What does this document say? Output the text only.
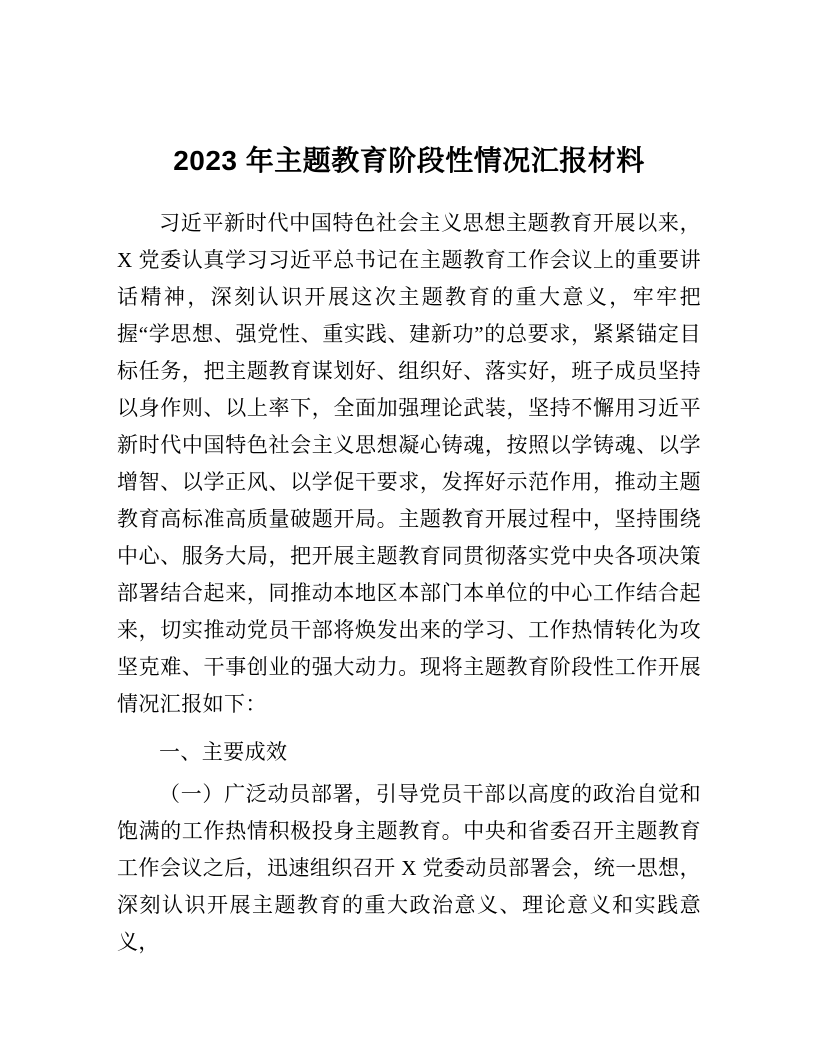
2023 年主题教育阶段性情况汇报材料

习近平新时代中国特色社会主义思想主题教育开展以来，X 党委认真学习习近平总书记在主题教育工作会议上的重要讲话精神，深刻认识开展这次主题教育的重大意义，牢牢把握“学思想、强党性、重实践、建新功”的总要求，紧紧锚定目标任务，把主题教育谋划好、组织好、落实好，班子成员坚持以身作则、以上率下，全面加强理论武装，坚持不懈用习近平新时代中国特色社会主义思想凝心铸魂，按照以学铸魂、以学增智、以学正风、以学促干要求，发挥好示范作用，推动主题教育高标准高质量破题开局。主题教育开展过程中，坚持围绕中心、服务大局，把开展主题教育同贯彻落实党中央各项决策部署结合起来，同推动本地区本部门本单位的中心工作结合起来，切实推动党员干部将焕发出来的学习、工作热情转化为攻坚克难、干事创业的强大动力。现将主题教育阶段性工作开展情况汇报如下：

一、主要成效

（一）广泛动员部署，引导党员干部以高度的政治自觉和饱满的工作热情积极投身主题教育。中央和省委召开主题教育工作会议之后，迅速组织召开 X 党委动员部署会，统一思想，深刻认识开展主题教育的重大政治意义、理论意义和实践意义，
